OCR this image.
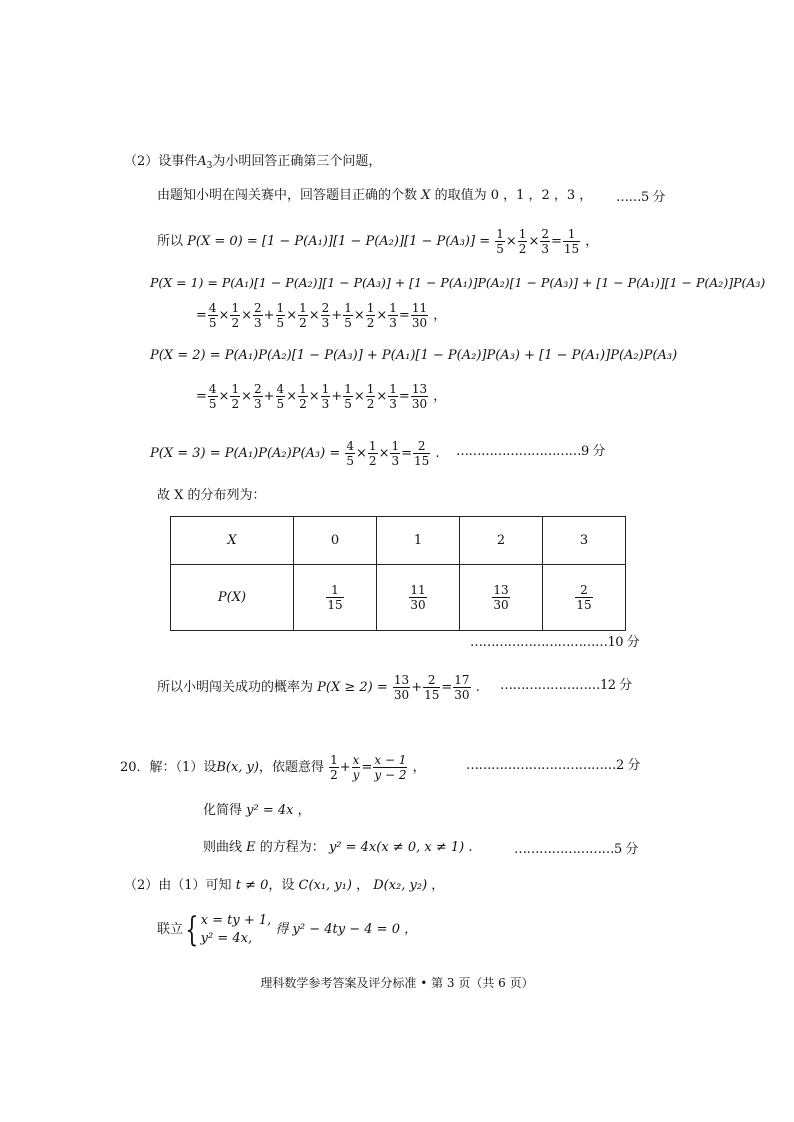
（2）设事件$A_3$为小明回答正确第三个问题，
由题知小明在闯关赛中，回答题目正确的个数 X 的取值为 0 ，1 ，2 ，3 ， ……5 分
所以 $P(X = 0) = [1 - P(A_1)][1 - P(A_2)][1 - P(A_3)] = \frac{1}{5} \times \frac{1}{2} \times \frac{2}{3} = \frac{1}{15}$ ，
P(X = 1) = P(A₁)[1 − P(A₂)][1 − P(A₃)] + [1 − P(A₁)]P(A₂)[1 − P(A₃)] + [1 − P(A₁)][1 − P(A₂)]P(A₃)
= $\frac{4}{5} \times \frac{1}{2} \times \frac{2}{3} + \frac{1}{5} \times \frac{1}{2} \times \frac{2}{3} + \frac{1}{5} \times \frac{1}{2} \times \frac{1}{3} = \frac{11}{30}$ ，
P(X = 2) = P(A₁)P(A₂)[1 − P(A₃)] + P(A₁)[1 − P(A₂)]P(A₃) + [1 − P(A₁)]P(A₂)P(A₃)
= $\frac{4}{5} \times \frac{1}{2} \times \frac{2}{3} + \frac{4}{5} \times \frac{1}{2} \times \frac{1}{3} + \frac{1}{5} \times \frac{1}{2} \times \frac{1}{3} = \frac{13}{30}$ ，
$P(X = 3) = P(A_1)P(A_2)P(A_3) = \frac{4}{5} \times \frac{1}{2} \times \frac{1}{3} = \frac{2}{15}$ . …………………………9 分
故 X 的分布列为：
X	0	1	2	3
P(X)	$\frac{1}{15}$	$\frac{11}{30}$	$\frac{13}{30}$	$\frac{2}{15}$
……………………………10 分
所以小明闯关成功的概率为 $P(X \ge 2) = \frac{13}{30} + \frac{2}{15} = \frac{17}{30}$ . ……………………12 分
20．解：（1）设B(x, y)，依题意得 $\frac{1}{2} + \frac{x}{y} = \frac{x - 1}{y - 2}$ ，	………………………………2 分
化简得 y² = 4x ，
则曲线 E 的方程为： y² = 4x(x ≠ 0, x ≠ 1) .	……………………5 分
（2）由（1）可知 t ≠ 0，设 C(x₁, y₁) ， D(x₂, y₂) ，
联立{ x = ty + 1,
y² = 4x,
得 y² − 4ty − 4 = 0 ，
理科数学参考答案及评分标准 • 第 3 页（共 6 页）
